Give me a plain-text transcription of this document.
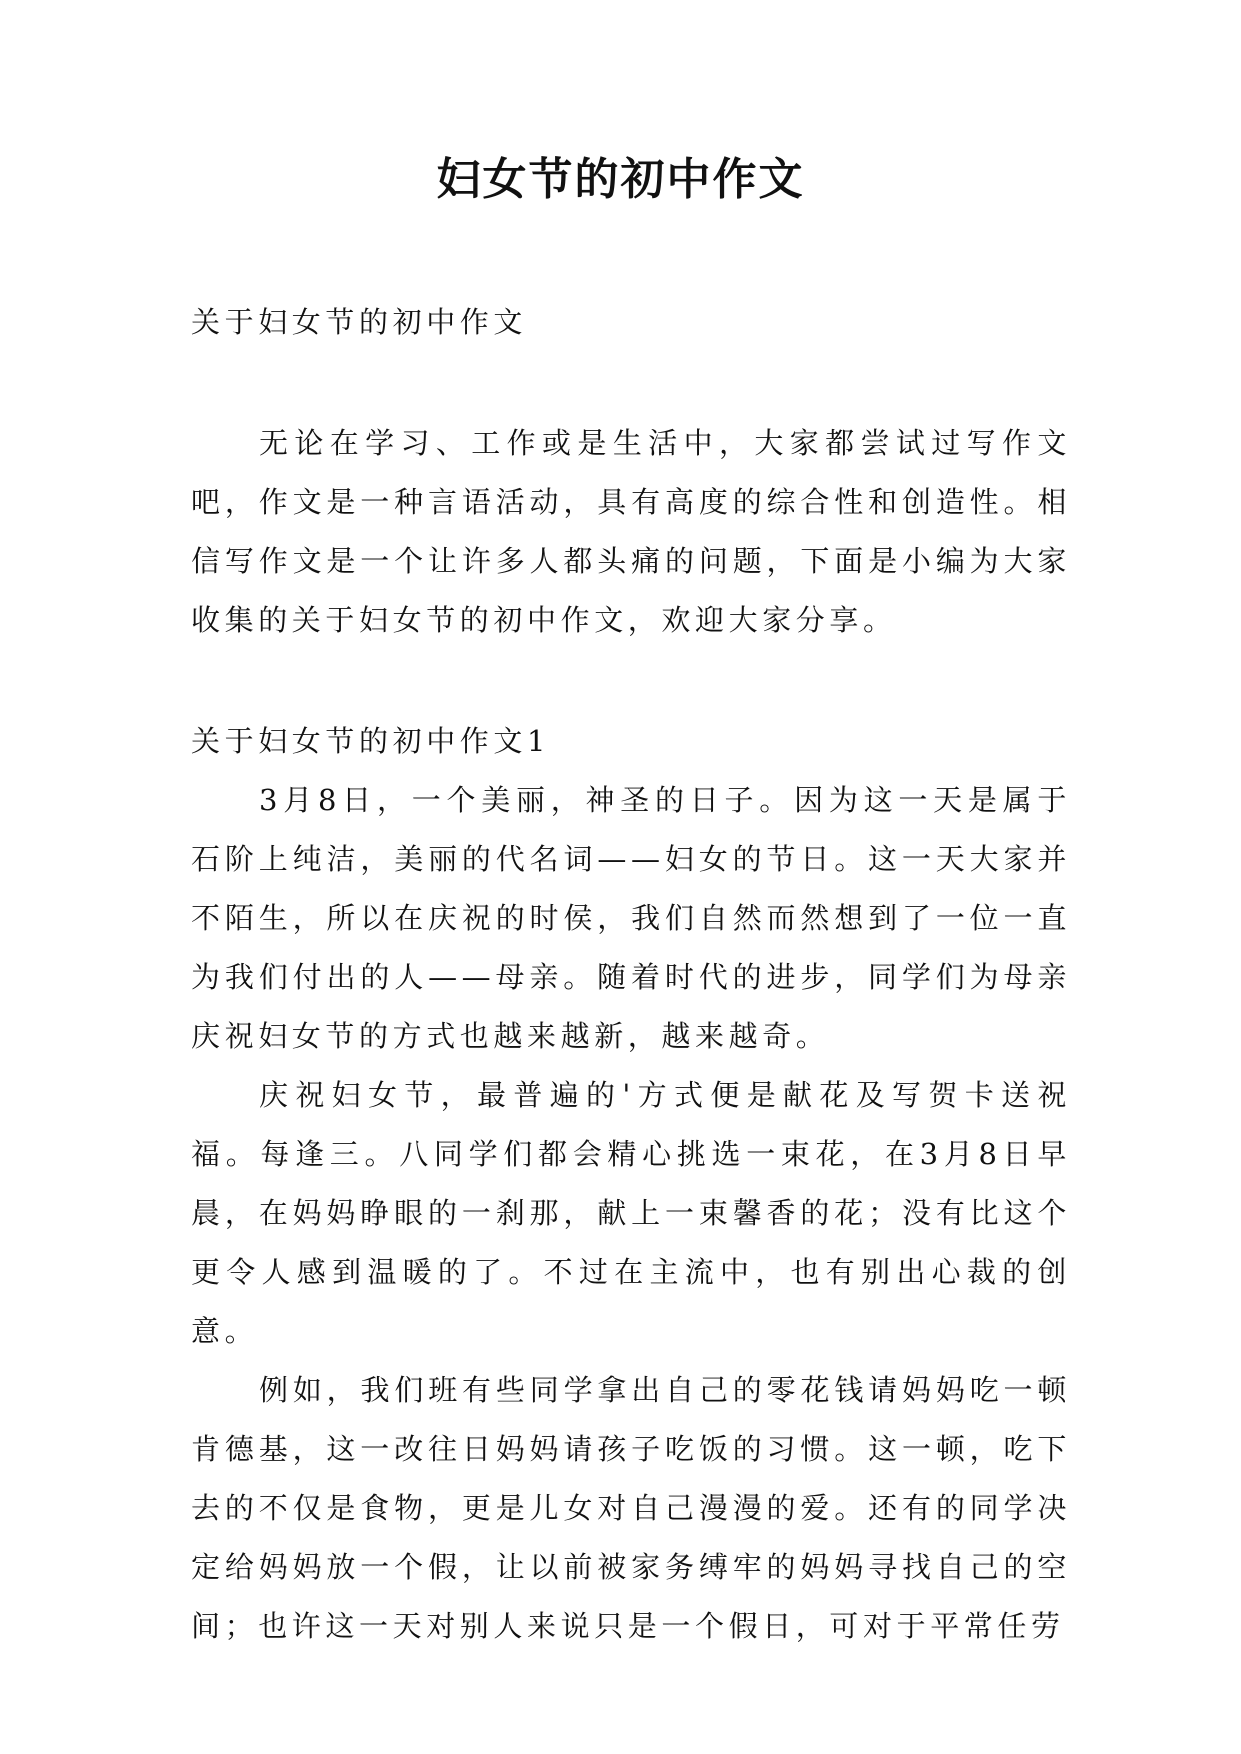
妇女节的初中作文

关于妇女节的初中作文

无论在学习、工作或是生活中，大家都尝试过写作文吧，作文是一种言语活动，具有高度的综合性和创造性。相信写作文是一个让许多人都头痛的问题，下面是小编为大家收集的关于妇女节的初中作文，欢迎大家分享。

关于妇女节的初中作文1

3月8日，一个美丽，神圣的日子。因为这一天是属于石阶上纯洁，美丽的代名词——妇女的节日。这一天大家并不陌生，所以在庆祝的时侯，我们自然而然想到了一位一直为我们付出的人——母亲。随着时代的进步，同学们为母亲庆祝妇女节的方式也越来越新，越来越奇。

庆祝妇女节，最普遍的'方式便是献花及写贺卡送祝福。每逢三。八同学们都会精心挑选一束花，在3月8日早晨，在妈妈睁眼的一刹那，献上一束馨香的花；没有比这个更令人感到温暖的了。不过在主流中，也有别出心裁的创意。

例如，我们班有些同学拿出自己的零花钱请妈妈吃一顿肯德基，这一改往日妈妈请孩子吃饭的习惯。这一顿，吃下去的不仅是食物，更是儿女对自己漫漫的爱。还有的同学决定给妈妈放一个假，让以前被家务缚牢的妈妈寻找自己的空间；也许这一天对别人来说只是一个假日，可对于平常任劳
